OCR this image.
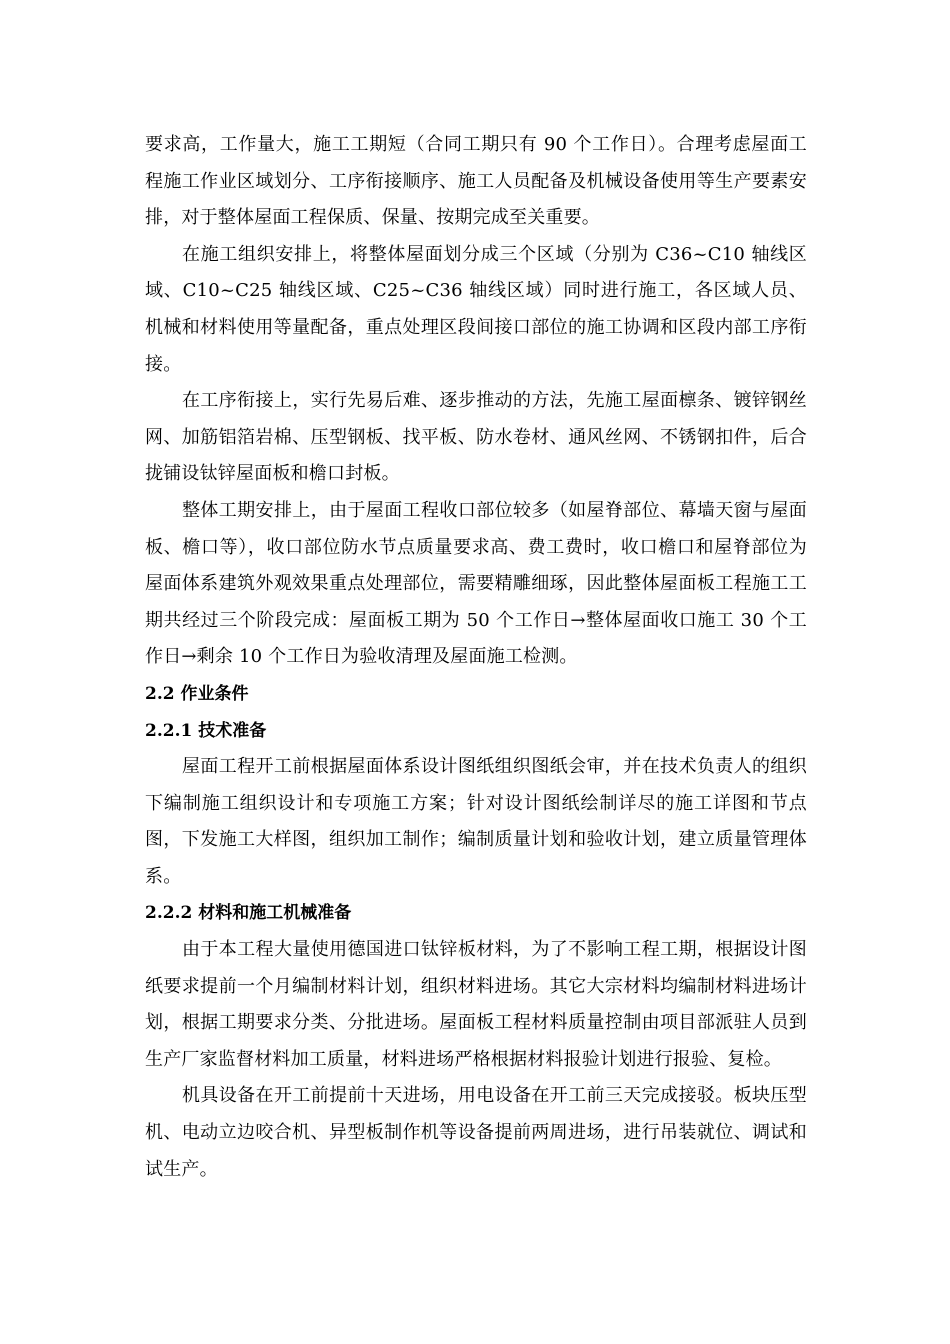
要求高，工作量大，施工工期短（合同工期只有 90 个工作日）。合理考虑屋面工程施工作业区域划分、工序衔接顺序、施工人员配备及机械设备使用等生产要素安排，对于整体屋面工程保质、保量、按期完成至关重要。

在施工组织安排上，将整体屋面划分成三个区域（分别为 C36~C10 轴线区域、C10~C25 轴线区域、C25~C36 轴线区域）同时进行施工，各区域人员、机械和材料使用等量配备，重点处理区段间接口部位的施工协调和区段内部工序衔接。

在工序衔接上，实行先易后难、逐步推动的方法，先施工屋面檩条、镀锌钢丝网、加筋铝箔岩棉、压型钢板、找平板、防水卷材、通风丝网、不锈钢扣件，后合拢铺设钛锌屋面板和檐口封板。

整体工期安排上，由于屋面工程收口部位较多（如屋脊部位、幕墙天窗与屋面板、檐口等），收口部位防水节点质量要求高、费工费时，收口檐口和屋脊部位为屋面体系建筑外观效果重点处理部位，需要精雕细琢，因此整体屋面板工程施工工期共经过三个阶段完成：屋面板工期为 50 个工作日→整体屋面收口施工 30 个工作日→剩余 10 个工作日为验收清理及屋面施工检测。

2.2 作业条件
2.2.1 技术准备

屋面工程开工前根据屋面体系设计图纸组织图纸会审，并在技术负责人的组织下编制施工组织设计和专项施工方案；针对设计图纸绘制详尽的施工详图和节点图，下发施工大样图，组织加工制作；编制质量计划和验收计划，建立质量管理体系。

2.2.2 材料和施工机械准备

由于本工程大量使用德国进口钛锌板材料，为了不影响工程工期，根据设计图纸要求提前一个月编制材料计划，组织材料进场。其它大宗材料均编制材料进场计划，根据工期要求分类、分批进场。屋面板工程材料质量控制由项目部派驻人员到生产厂家监督材料加工质量，材料进场严格根据材料报验计划进行报验、复检。

机具设备在开工前提前十天进场，用电设备在开工前三天完成接驳。板块压型机、电动立边咬合机、异型板制作机等设备提前两周进场，进行吊装就位、调试和试生产。
